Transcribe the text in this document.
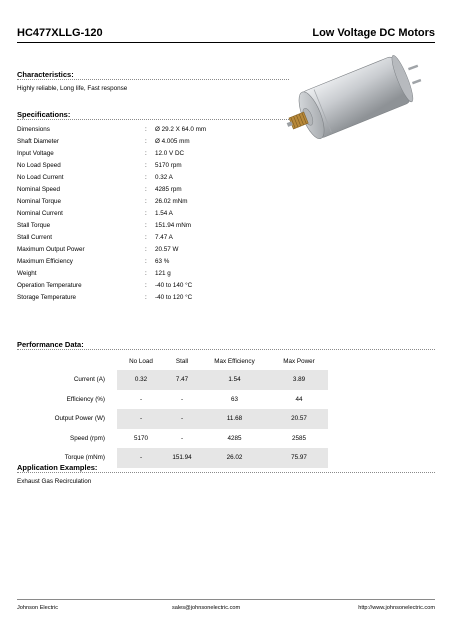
HC477XLLG-120	Low Voltage DC Motors
Characteristics:
Highly reliable, Long life, Fast response
Specifications:
Dimensions	: Ø 29.2 X 64.0 mm
Shaft Diameter	: Ø 4.005 mm
Input Voltage	: 12.0 V DC
No Load Speed	: 5170 rpm
No Load Current	: 0.32 A
Nominal Speed	: 4285 rpm
Nominal Torque	: 26.02 mNm
Nominal Current	: 1.54 A
Stall Torque	: 151.94 mNm
Stall Current	: 7.47 A
Maximum Output Power	: 20.57 W
Maximum Efficiency	: 63 %
Weight	: 121 g
Operation Temperature	: -40 to 140 °C
Storage Temperature	: -40 to 120 °C
Performance Data:
	No Load	Stall	Max Efficiency	Max Power
Current (A)	0.32	7.47	1.54	3.89
Efficiency (%)	-	-	63	44
Output Power (W)	-	-	11.68	20.57
Speed (rpm)	5170	-	4285	2585
Torque (mNm)	-	151.94	26.02	75.97
Application Examples:
Exhaust Gas Recirculation
Johnson Electric	sales@johnsonelectric.com	http://www.johnsonelectric.com
